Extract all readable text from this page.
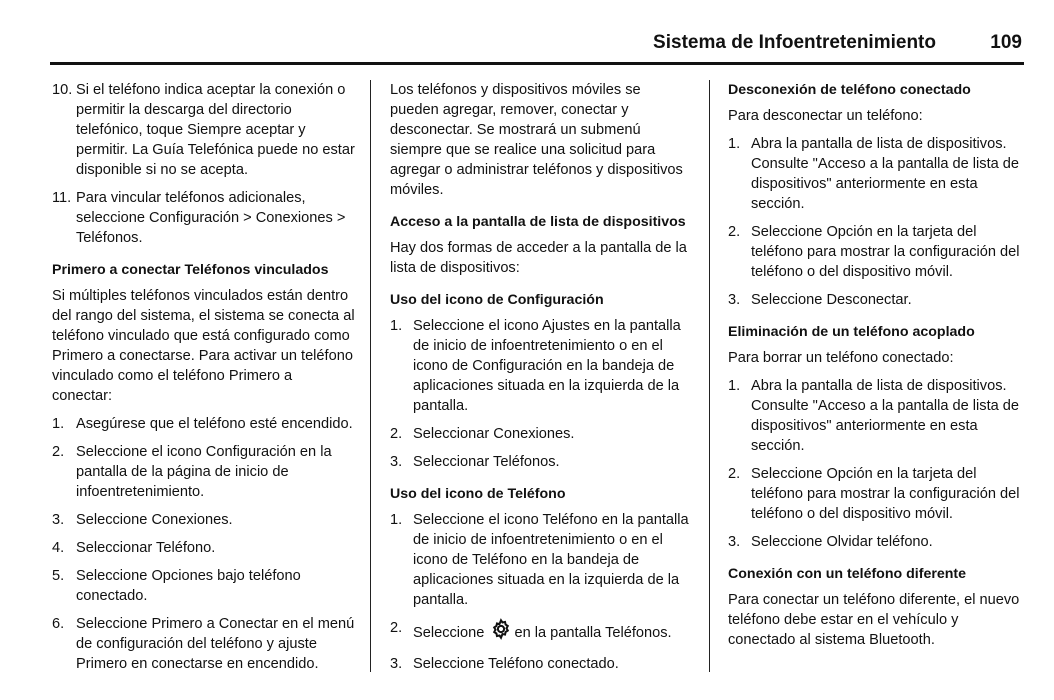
Sistema de Infoentretenimiento	109
10. Si el teléfono indica aceptar la conexión o permitir la descarga del directorio telefónico, toque Siempre aceptar y permitir. La Guía Telefónica puede no estar disponible si no se acepta.
11. Para vincular teléfonos adicionales, seleccione Configuración > Conexiones > Teléfonos.
Primero a conectar Teléfonos vinculados

Si múltiples teléfonos vinculados están dentro del rango del sistema, el sistema se conecta al teléfono vinculado que está configurado como Primero a conectarse. Para activar un teléfono vinculado como el teléfono Primero a conectar:

1. Asegúrese que el teléfono esté encendido.
2. Seleccione el icono Configuración en la pantalla de la página de inicio de infoentretenimiento.
3. Seleccione Conexiones.
4. Seleccionar Teléfono.
5. Seleccione Opciones bajo teléfono conectado.
6. Seleccione Primero a Conectar en el menú de configuración del teléfono y ajuste Primero en conectarse en encendido.

Los teléfonos y dispositivos móviles se pueden agregar, remover, conectar y desconectar. Se mostrará un submenú siempre que se realice una solicitud para agregar o administrar teléfonos y dispositivos móviles.

Acceso a la pantalla de lista de dispositivos

Hay dos formas de acceder a la pantalla de la lista de dispositivos:

Uso del icono de Configuración
1. Seleccione el icono Ajustes en la pantalla de inicio de infoentretenimiento o en el icono de Configuración en la bandeja de aplicaciones situada en la izquierda de la pantalla.
2. Seleccionar Conexiones.
3. Seleccionar Teléfonos.
Uso del icono de Teléfono
1. Seleccione el icono Teléfono en la pantalla de inicio de infoentretenimiento o en el icono de Teléfono en la bandeja de aplicaciones situada en la izquierda de la pantalla.
2. Seleccione en la pantalla Teléfonos.
3. Seleccione Teléfono conectado.
Desconexión de teléfono conectado

Para desconectar un teléfono:

1. Abra la pantalla de lista de dispositivos. Consulte "Acceso a la pantalla de lista de dispositivos" anteriormente en esta sección.
2. Seleccione Opción en la tarjeta del teléfono para mostrar la configuración del teléfono o del dispositivo móvil.
3. Seleccione Desconectar.
Eliminación de un teléfono acoplado

Para borrar un teléfono conectado:

1. Abra la pantalla de lista de dispositivos. Consulte "Acceso a la pantalla de lista de dispositivos" anteriormente en esta sección.
2. Seleccione Opción en la tarjeta del teléfono para mostrar la configuración del teléfono o del dispositivo móvil.
3. Seleccione Olvidar teléfono.
Conexión con un teléfono diferente

Para conectar un teléfono diferente, el nuevo teléfono debe estar en el vehículo y conectado al sistema Bluetooth.
